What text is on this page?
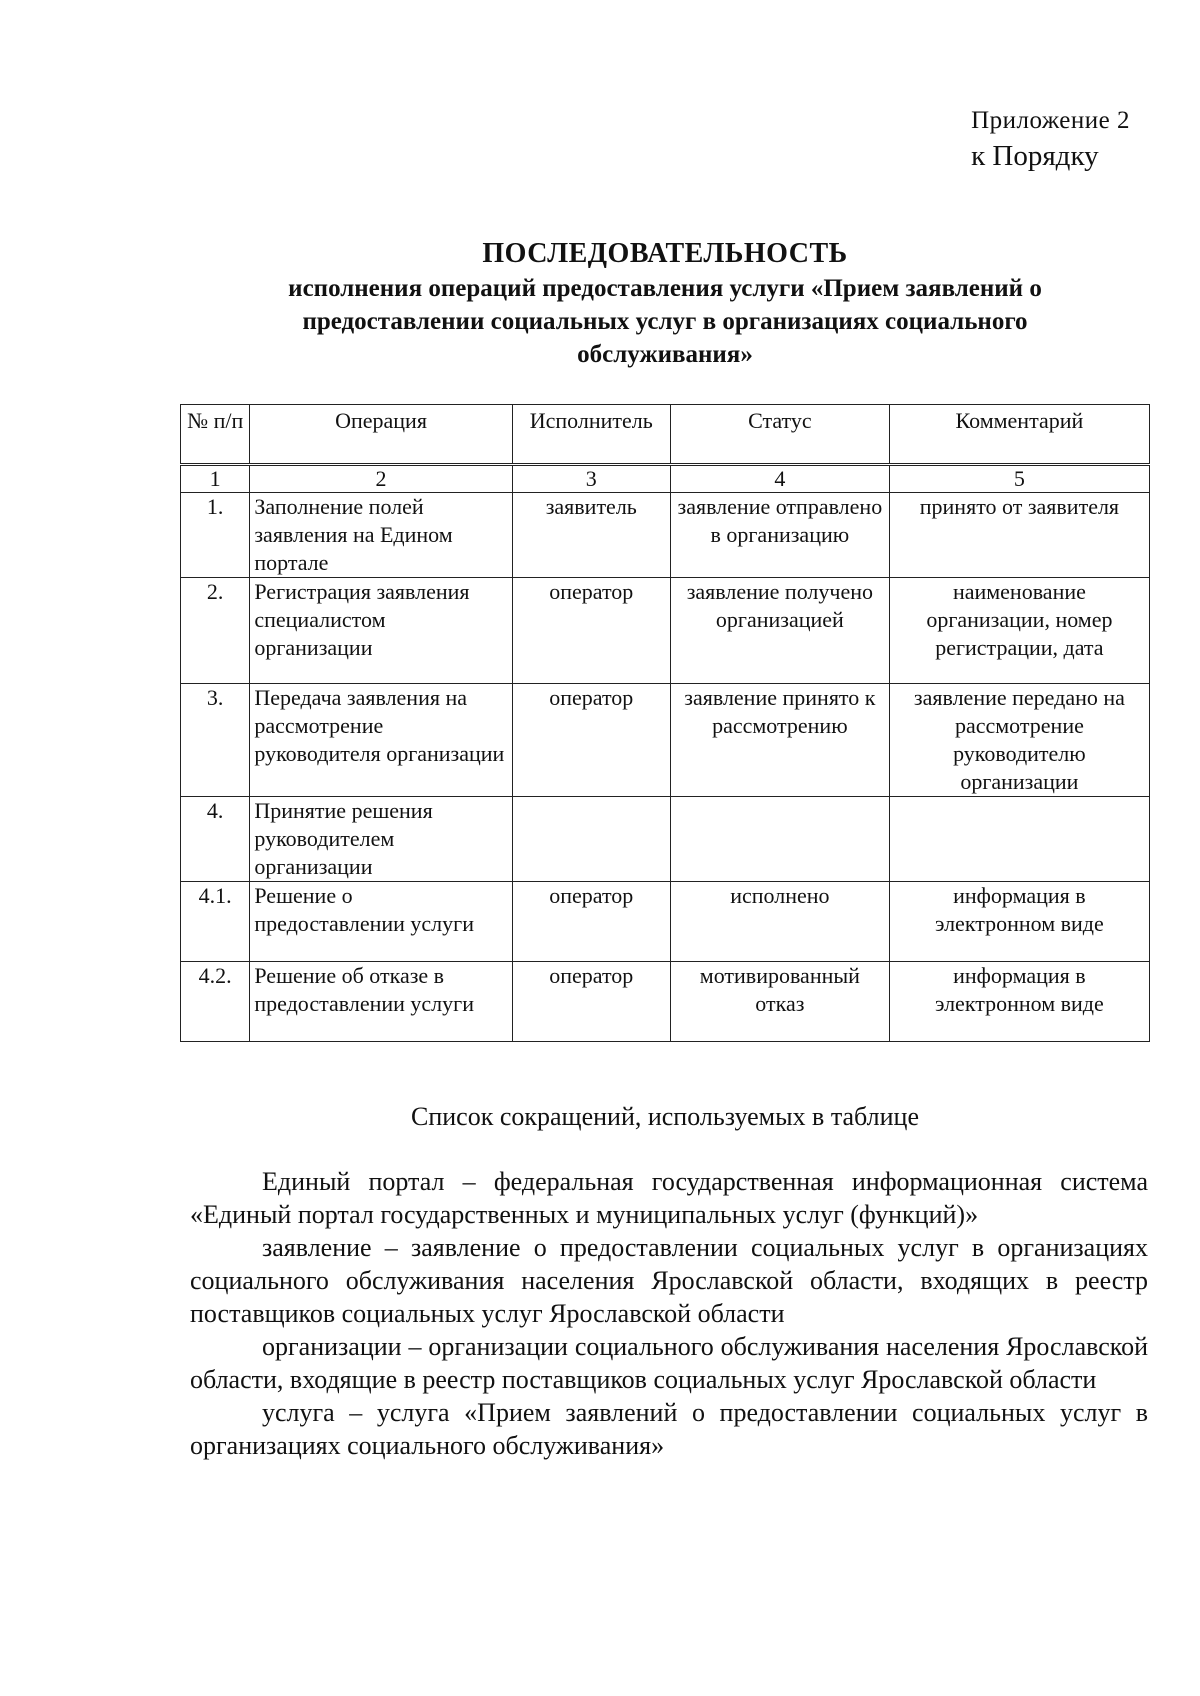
Приложение 2
к Порядку
ПОСЛЕДОВАТЕЛЬНОСТЬ
исполнения операций предоставления услуги «Прием заявлений о
предоставлении социальных услуг в организациях социального
обслуживания»
№ п/п	Операция	Исполнитель	Статус	Комментарий
1	2	3	4	5
1.	Заполнение полей заявления на Едином портале	заявитель	заявление отправлено в организацию	принято от заявителя
2.	Регистрация заявления специалистом организации	оператор	заявление получено организацией	наименование организации, номер регистрации, дата
3.	Передача заявления на рассмотрение руководителя организации	оператор	заявление принято к рассмотрению	заявление передано на рассмотрение руководителю организации
4.	Принятие решения руководителем организации			
4.1.	Решение о предоставлении услуги	оператор	исполнено	информация в электронном виде
4.2.	Решение об отказе в предоставлении услуги	оператор	мотивированный отказ	информация в электронном виде
Список сокращений, используемых в таблице

Единый портал – федеральная государственная информационная система «Единый портал государственных и муниципальных услуг (функций)»

заявление – заявление о предоставлении социальных услуг в организациях социального обслуживания населения Ярославской области, входящих в реестр поставщиков социальных услуг Ярославской области

организации – организации социального обслуживания населения Ярославской области, входящие в реестр поставщиков социальных услуг Ярославской области

услуга – услуга «Прием заявлений о предоставлении социальных услуг в организациях социального обслуживания»
